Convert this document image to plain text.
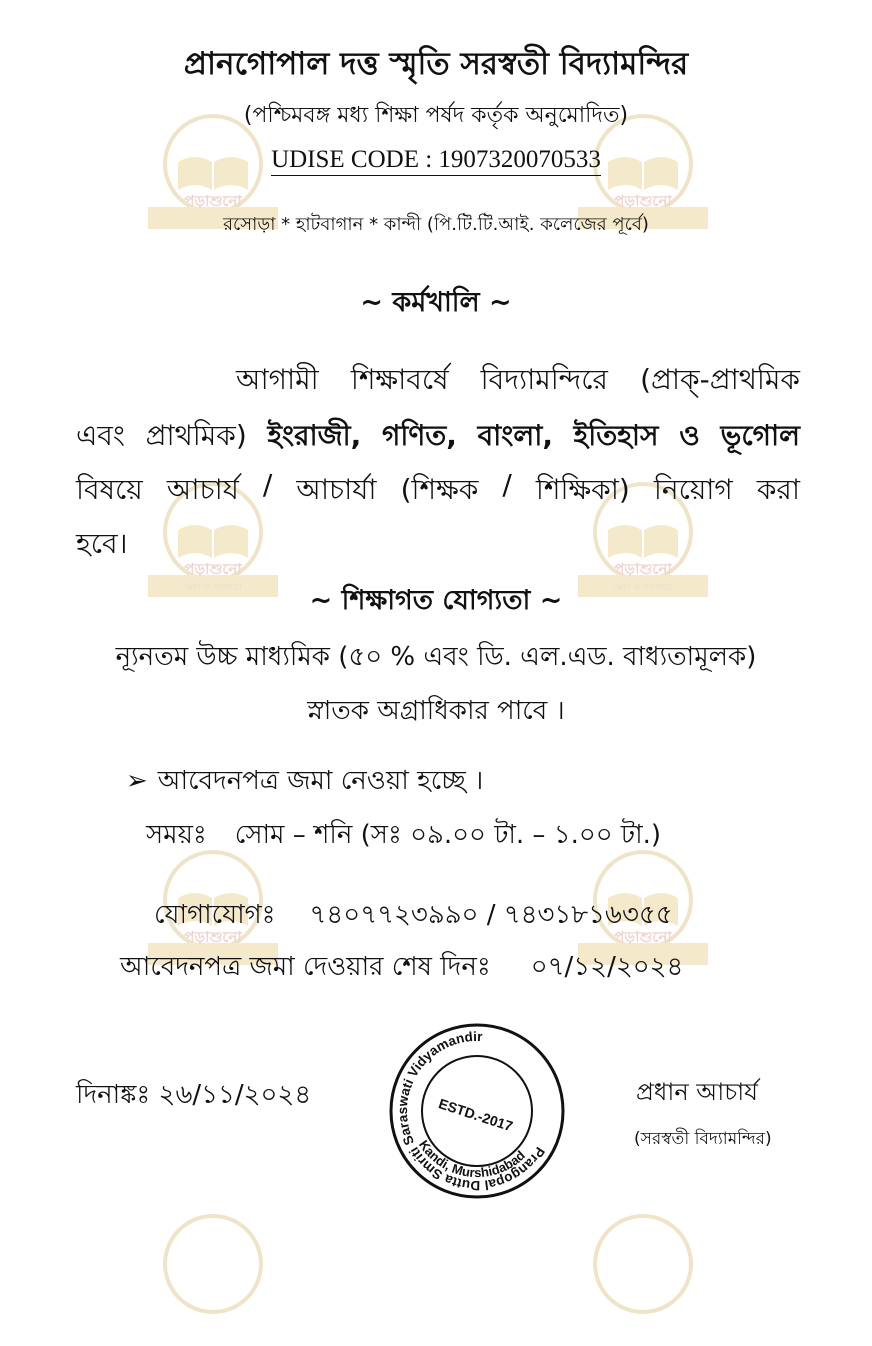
পড়াশুনো	পড়াশুনো
পড়াশুনো
জ্ঞান ও সফলতা
পড়াশুনো
জ্ঞান ও সফলতা
পড়াশুনো	পড়াশুনো
প্রানগোপাল দত্ত স্মৃতি সরস্বতী বিদ্যামন্দির
(পশ্চিমবঙ্গ মধ্য শিক্ষা পর্ষদ কর্তৃক অনুমোদিত)
UDISE CODE : 1907320070533
রসোড়া * হাটবাগান * কান্দী (পি.টি.টি.আই. কলেজের পূর্বে)
~ কর্মখালি ~
আগামী শিক্ষাবর্ষে বিদ্যামন্দিরে (প্রাক্-প্রাথমিক
এবং প্রাথমিক) ইংরাজী, গণিত, বাংলা, ইতিহাস ও ভূগোল
বিষয়ে আচার্য / আচার্যা (শিক্ষক / শিক্ষিকা) নিয়োগ করা
হবে।
~ শিক্ষাগত যোগ্যতা ~
ন্যূনতম উচ্চ মাধ্যমিক (৫০ % এবং ডি. এল.এড. বাধ্যতামূলক)
স্নাতক অগ্রাধিকার পাবে ।
➢ আবেদনপত্র জমা নেওয়া হচ্ছে ।
সময়ঃ সোম – শনি (সঃ ০৯.০০ টা. – ১.০০ টা.)
যোগাযোগঃ ৭৪০৭৭২৩৯৯০ / ৭৪৩১৮১৬৩৫৫
আবেদনপত্র জমা দেওয়ার শেষ দিনঃ ০৭/১২/২০২৪
দিনাঙ্কঃ ২৬/১১/২০২৪	প্রধান আচার্য
(সরস্বতী বিদ্যামন্দির)
Prangopal Dutta Smriti Saraswati Vidyamandir
Kandi, Murshidabad
ESTD.-2017
